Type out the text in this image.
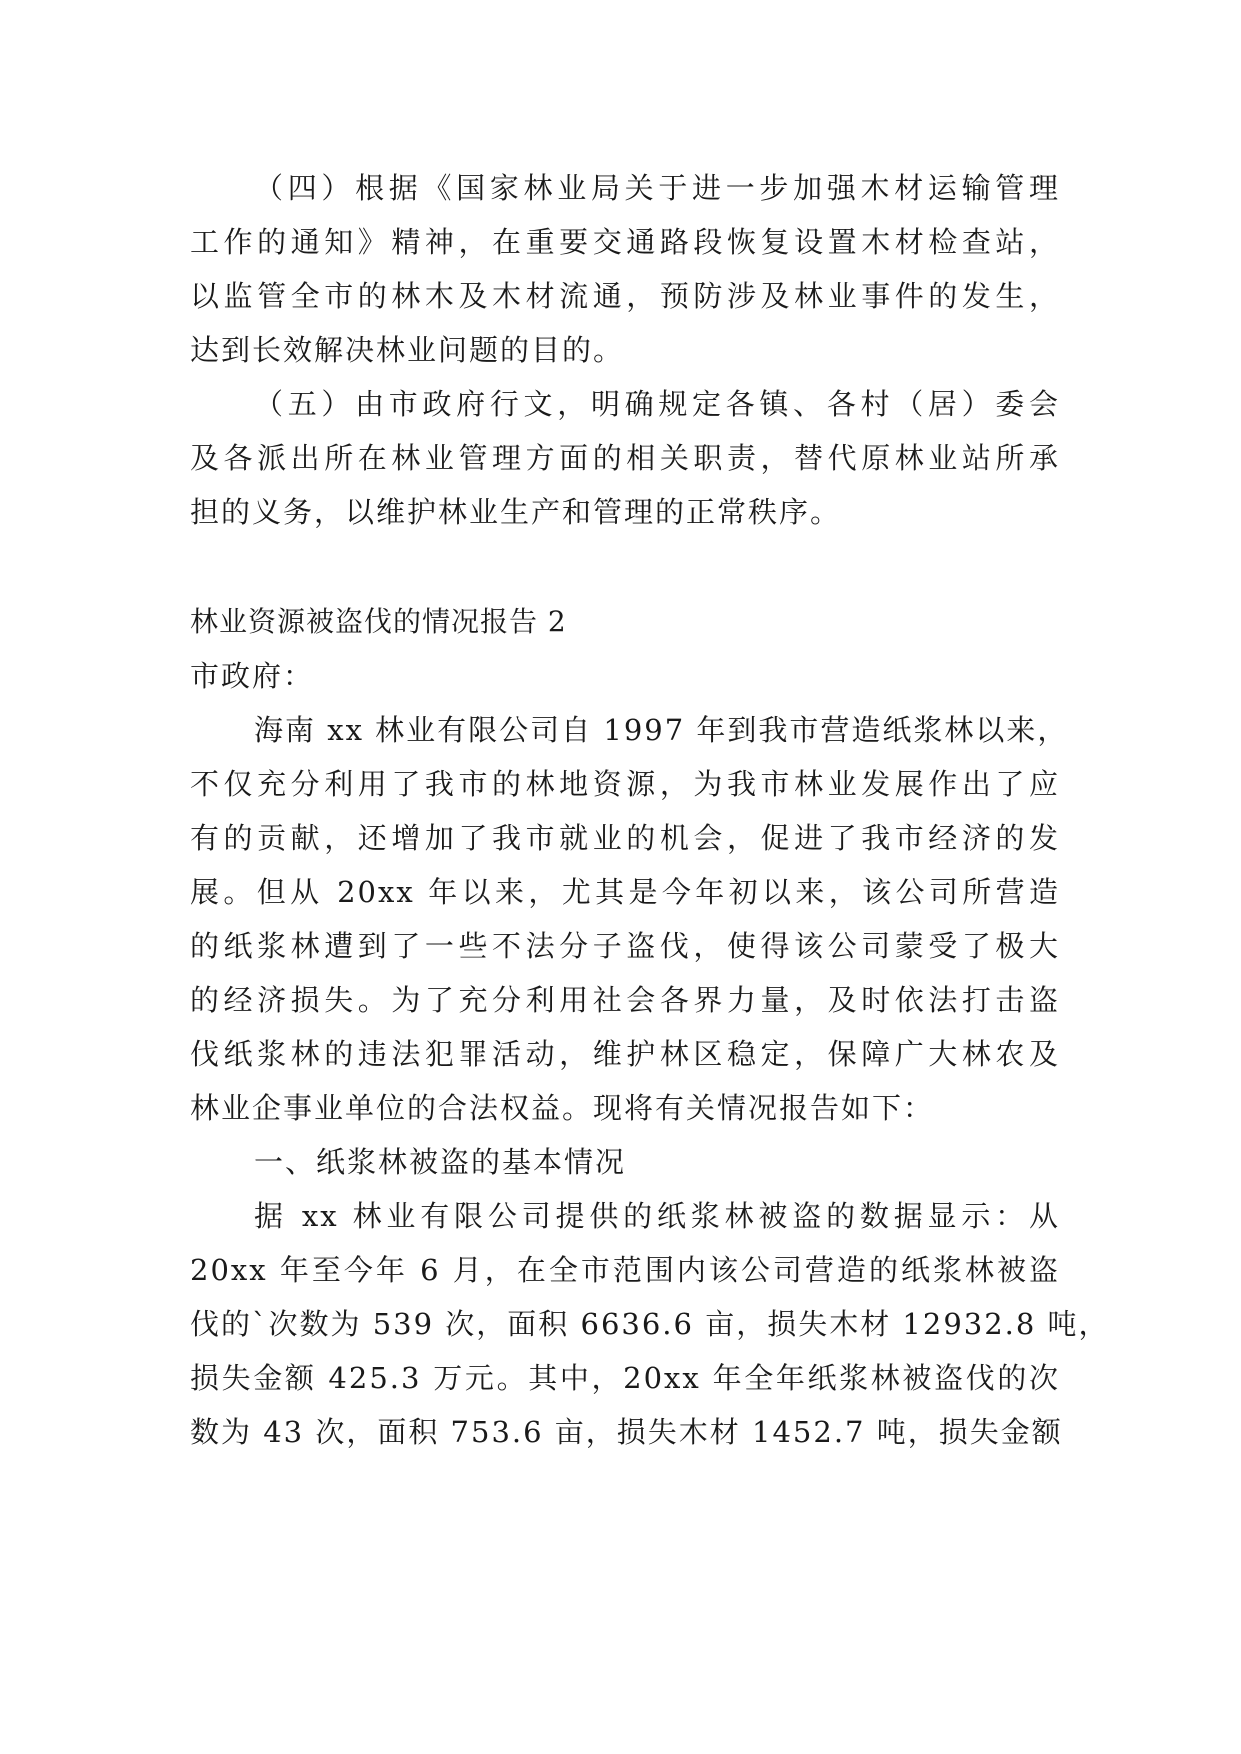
（四）根据《国家林业局关于进一步加强木材运输管理
工作的通知》精神，在重要交通路段恢复设置木材检查站，
以监管全市的林木及木材流通，预防涉及林业事件的发生，
达到长效解决林业问题的目的。
（五）由市政府行文，明确规定各镇、各村（居）委会
及各派出所在林业管理方面的相关职责，替代原林业站所承
担的义务，以维护林业生产和管理的正常秩序。
林业资源被盗伐的情况报告 2
市政府：
海南 xx 林业有限公司自 1997 年到我市营造纸浆林以来，
不仅充分利用了我市的林地资源，为我市林业发展作出了应
有的贡献，还增加了我市就业的机会，促进了我市经济的发
展。但从 20xx 年以来，尤其是今年初以来，该公司所营造
的纸浆林遭到了一些不法分子盗伐，使得该公司蒙受了极大
的经济损失。为了充分利用社会各界力量，及时依法打击盗
伐纸浆林的违法犯罪活动，维护林区稳定，保障广大林农及
林业企事业单位的合法权益。现将有关情况报告如下：
一、纸浆林被盗的基本情况
据 xx 林业有限公司提供的纸浆林被盗的数据显示：从
20xx 年至今年 6 月，在全市范围内该公司营造的纸浆林被盗
伐的`次数为 539 次，面积 6636.6 亩，损失木材 12932.8 吨，
损失金额 425.3 万元。其中，20xx 年全年纸浆林被盗伐的次
数为 43 次，面积 753.6 亩，损失木材 1452.7 吨，损失金额
